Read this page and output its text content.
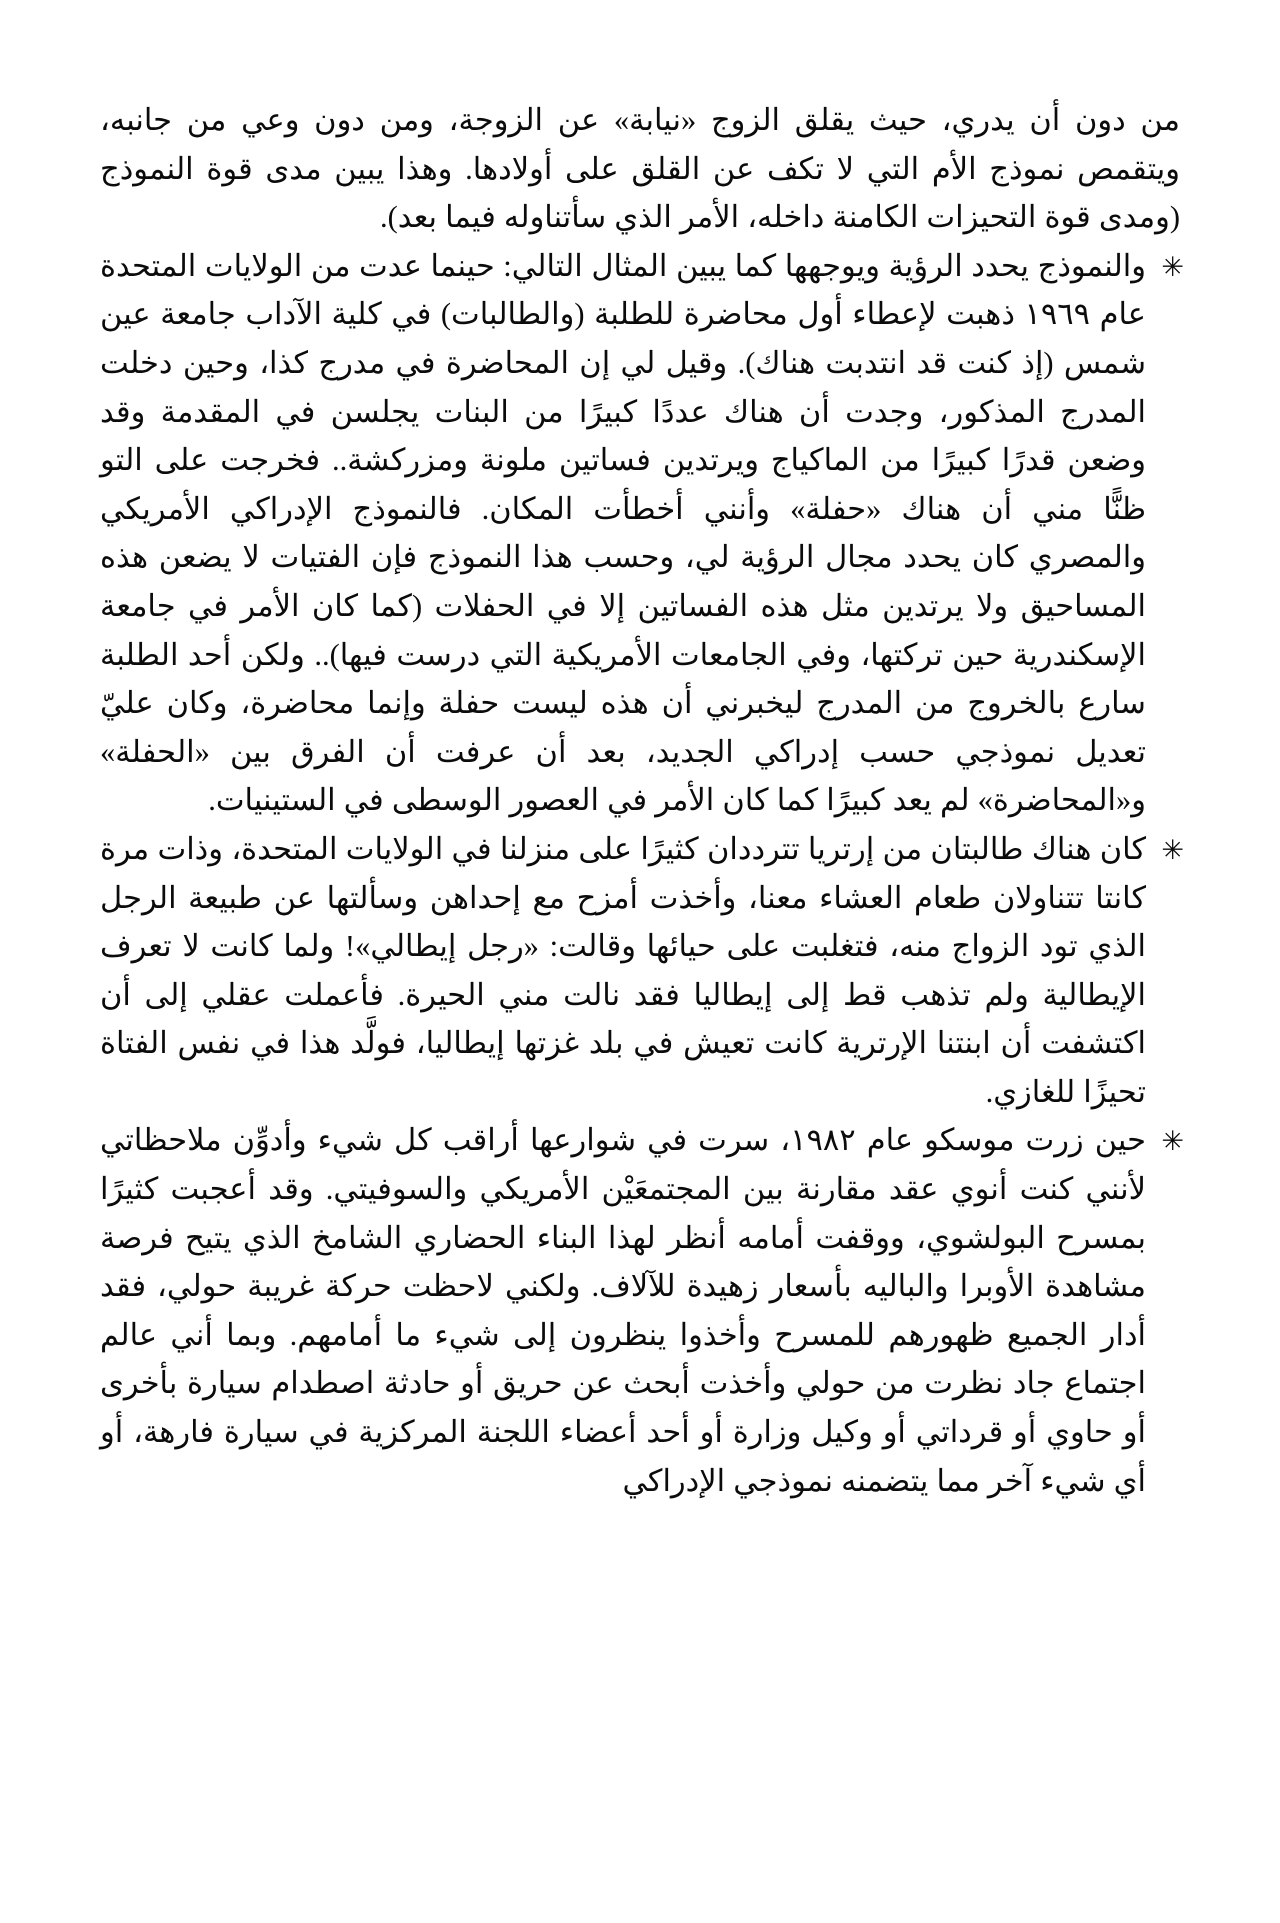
من دون أن يدري، حيث يقلق الزوج «نيابة» عن الزوجة، ومن دون وعي من جانبه، ويتقمص نموذج الأم التي لا تكف عن القلق على أولادها. وهذا يبين مدى قوة النموذج (ومدى قوة التحيزات الكامنة داخله، الأمر الذي سأتناوله فيما بعد).

✳
والنموذج يحدد الرؤية ويوجهها كما يبين المثال التالي: حينما عدت من الولايات المتحدة عام ١٩٦٩ ذهبت لإعطاء أول محاضرة للطلبة (والطالبات) في كلية الآداب جامعة عين شمس (إذ كنت قد انتدبت هناك). وقيل لي إن المحاضرة في مدرج كذا، وحين دخلت المدرج المذكور، وجدت أن هناك عددًا كبيرًا من البنات يجلسن في المقدمة وقد وضعن قدرًا كبيرًا من الماكياج ويرتدين فساتين ملونة ومزركشة.. فخرجت على التو ظنًّا مني أن هناك «حفلة» وأنني أخطأت المكان. فالنموذج الإدراكي الأمريكي والمصري كان يحدد مجال الرؤية لي، وحسب هذا النموذج فإن الفتيات لا يضعن هذه المساحيق ولا يرتدين مثل هذه الفساتين إلا في الحفلات (كما كان الأمر في جامعة الإسكندرية حين تركتها، وفي الجامعات الأمريكية التي درست فيها).. ولكن أحد الطلبة سارع بالخروج من المدرج ليخبرني أن هذه ليست حفلة وإنما محاضرة، وكان عليّ تعديل نموذجي حسب إدراكي الجديد، بعد أن عرفت أن الفرق بين «الحفلة» و«المحاضرة» لم يعد كبيرًا كما كان الأمر في العصور الوسطى في الستينيات.

✳
كان هناك طالبتان من إرتريا تترددان كثيرًا على منزلنا في الولايات المتحدة، وذات مرة كانتا تتناولان طعام العشاء معنا، وأخذت أمزح مع إحداهن وسألتها عن طبيعة الرجل الذي تود الزواج منه، فتغلبت على حيائها وقالت: «رجل إيطالي»! ولما كانت لا تعرف الإيطالية ولم تذهب قط إلى إيطاليا فقد نالت مني الحيرة. فأعملت عقلي إلى أن اكتشفت أن ابنتنا الإرترية كانت تعيش في بلد غزتها إيطاليا، فولَّد هذا في نفس الفتاة تحيزًا للغازي.

✳
حين زرت موسكو عام ١٩٨٢، سرت في شوارعها أراقب كل شيء وأدوِّن ملاحظاتي لأنني كنت أنوي عقد مقارنة بين المجتمعَيْن الأمريكي والسوفيتي. وقد أعجبت كثيرًا بمسرح البولشوي، ووقفت أمامه أنظر لهذا البناء الحضاري الشامخ الذي يتيح فرصة مشاهدة الأوبرا والباليه بأسعار زهيدة للآلاف. ولكني لاحظت حركة غريبة حولي، فقد أدار الجميع ظهورهم للمسرح وأخذوا ينظرون إلى شيء ما أمامهم. وبما أني عالم اجتماع جاد نظرت من حولي وأخذت أبحث عن حريق أو حادثة اصطدام سيارة بأخرى أو حاوي أو قرداتي أو وكيل وزارة أو أحد أعضاء اللجنة المركزية في سيارة فارهة، أو أي شيء آخر مما يتضمنه نموذجي الإدراكي
